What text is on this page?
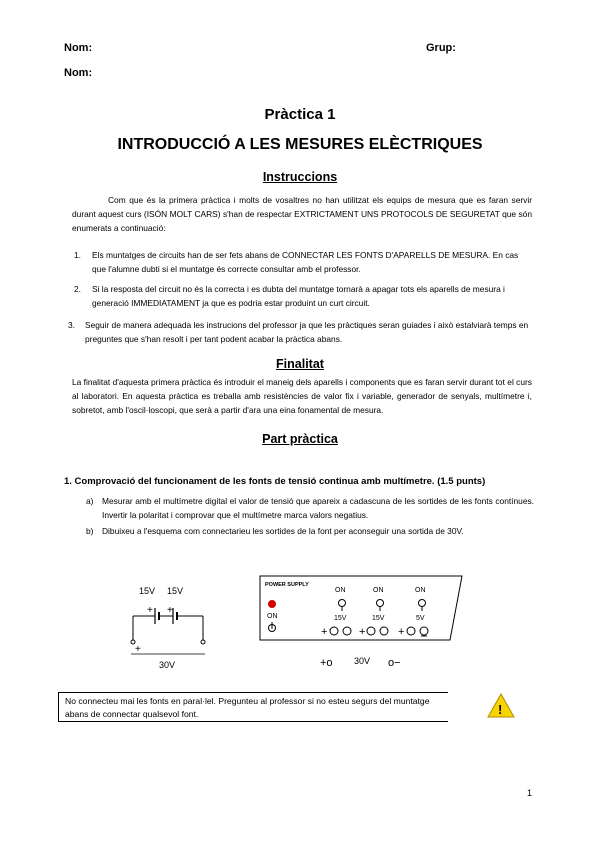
Nom:	Grup:
Nom:
Pràctica 1
INTRODUCCIÓ A LES MESURES ELÈCTRIQUES
Instruccions
Com que és la primera pràctica i molts de vosaltres no han utilitzat els equips de mesura que es faran servir durant aquest curs (ISÓN MOLT CARS) s'han de respectar EXTRICTAMENT UNS PROTOCOLS DE SEGURETAT que són enumerats a continuació:
1. Els muntatges de circuits han de ser fets abans de CONNECTAR LES FONTS D'APARELLS DE MESURA. En cas que l'alumne dubti si el muntatge és correcte consultar amb el professor.
2. Si la resposta del circuit no és la correcta i es dubta del muntatge tornarà a apagar tots els aparells de mesura i generació IMMEDIATAMENT ja que es podria estar produint un curt circuit.
3. Seguir de manera adequada les instrucions del professor ja que les pràctiques seran guiades i això estalviarà temps en preguntes que s'han resolt i per tant podent acabar la pràctica abans.
Finalitat
La finalitat d'aquesta primera pràctica és introduir el maneig dels aparells i components que es faran servir durant tot el curs al laboratori. En aquesta pràctica es treballa amb resistències de valor fix i variable, generador de senyals, multímetre i, sobretot, amb l'oscil·loscopi, que serà a partir d'ara una eina fonamental de mesura.
Part pràctica
1. Comprovació del funcionament de les fonts de tensió continua amb multímetre. (1.5 punts)
a) Mesurar amb el multímetre digital el valor de tensió que apareix a cadascuna de les sortides de les fonts contínues. Invertir la polaritat i comprovar que el multímetre marca valors negatius.
b) Dibuixeu a l'esquema com connectarieu les sortides de la font per aconseguir una sortida de 30V.
15V 15V
+ +
+
30V
POWER SUPPLY
ON
ON
15V
ON
15V
ON
5V
+	+	+
+o 30V o−
No connecteu mai les fonts en paral·lel. Pregunteu al professor si no esteu segurs del muntatge abans de connectar qualsevol font.	!
1
